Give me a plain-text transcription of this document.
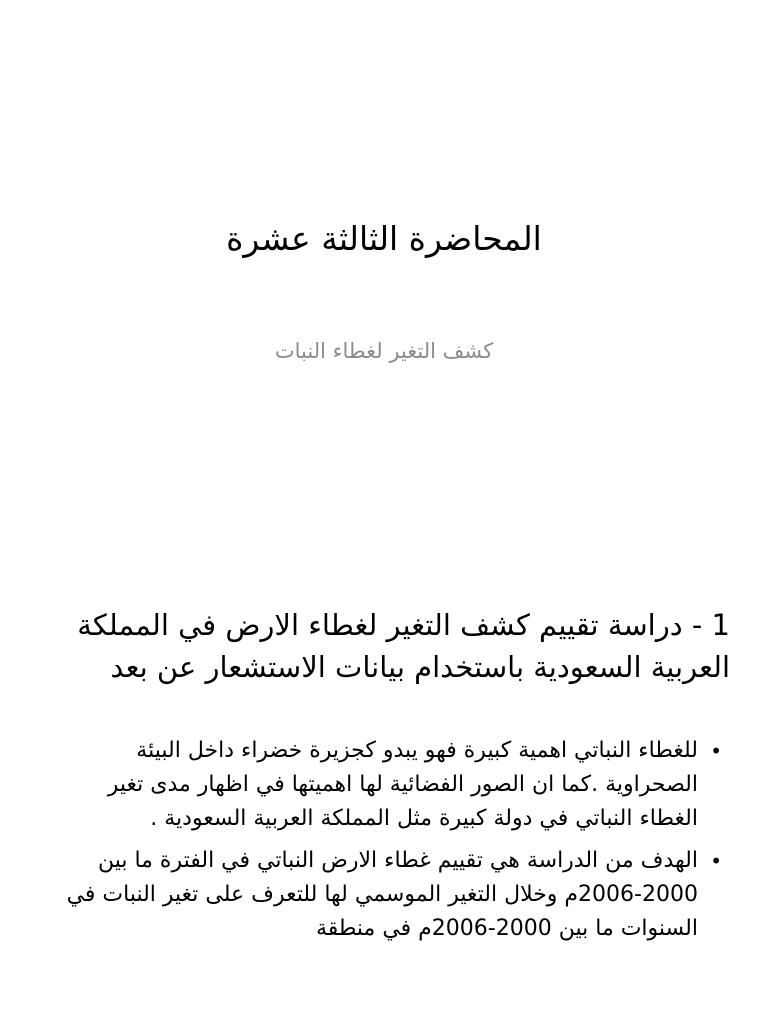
المحاضرة الثالثة عشرة
كشف التغير لغطاء النبات
1 - دراسة تقييم كشف التغير لغطاء الارض في المملكة العربية السعودية باستخدام بيانات الاستشعار عن بعد
•
للغطاء النباتي اهمية كبيرة فهو يبدو كجزيرة خضراء داخل البيئة الصحراوية .كما ان الصور الفضائية لها اهميتها في اظهار مدى تغير الغطاء النباتي في دولة كبيرة مثل المملكة العربية السعودية .
•
الهدف من الدراسة هي تقييم غطاء الارض النباتي في الفترة ما بين 2000-2006م وخلال التغير الموسمي لها للتعرف على تغير النبات في السنوات ما بين 2000-2006م في منطقة
